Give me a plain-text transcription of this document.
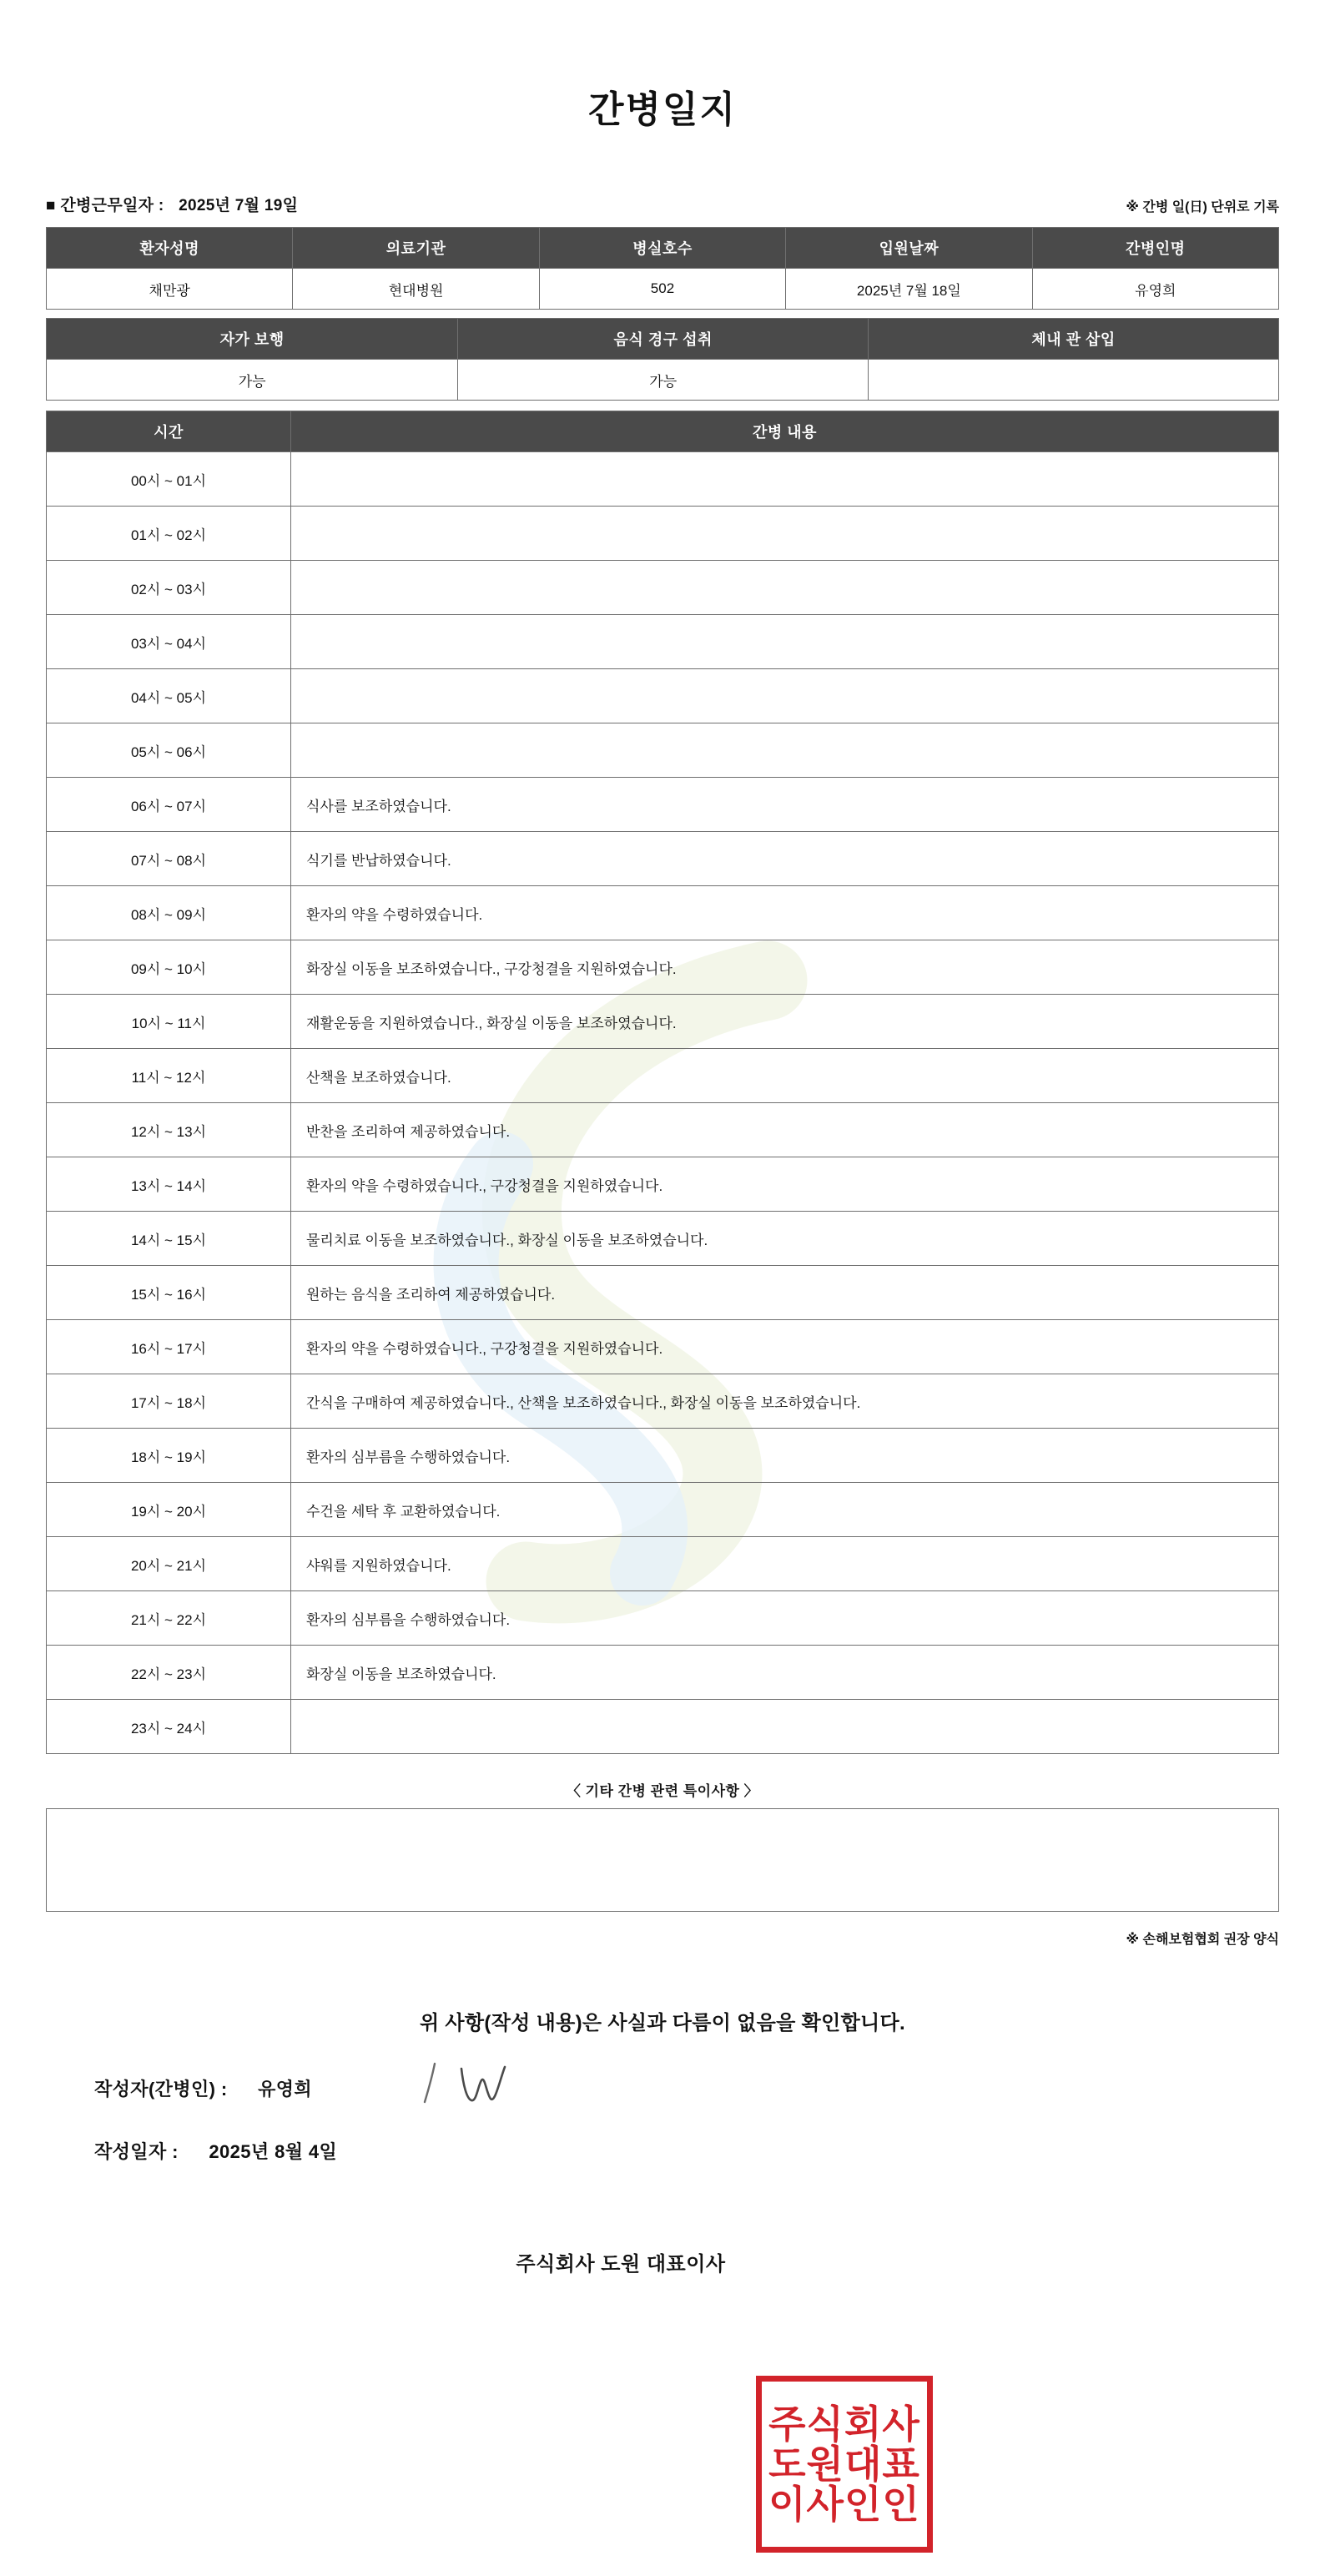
간병일지
■ 간병근무일자 : 2025년 7월 19일	※ 간병 일(日) 단위로 기록
환자성명	의료기관	병실호수	입원날짜	간병인명
채만광	현대병원	502	2025년 7월 18일	유영희
자가 보행	음식 경구 섭취	체내 관 삽입
가능	가능	
시간	간병 내용
00시 ~ 01시	
01시 ~ 02시	
02시 ~ 03시	
03시 ~ 04시	
04시 ~ 05시	
05시 ~ 06시	
06시 ~ 07시	식사를 보조하였습니다.
07시 ~ 08시	식기를 반납하였습니다.
08시 ~ 09시	환자의 약을 수령하였습니다.
09시 ~ 10시	화장실 이동을 보조하였습니다., 구강청결을 지원하였습니다.
10시 ~ 11시	재활운동을 지원하였습니다., 화장실 이동을 보조하였습니다.
11시 ~ 12시	산책을 보조하였습니다.
12시 ~ 13시	반찬을 조리하여 제공하였습니다.
13시 ~ 14시	환자의 약을 수령하였습니다., 구강청결을 지원하였습니다.
14시 ~ 15시	물리치료 이동을 보조하였습니다., 화장실 이동을 보조하였습니다.
15시 ~ 16시	원하는 음식을 조리하여 제공하였습니다.
16시 ~ 17시	환자의 약을 수령하였습니다., 구강청결을 지원하였습니다.
17시 ~ 18시	간식을 구매하여 제공하였습니다., 산책을 보조하였습니다., 화장실 이동을 보조하였습니다.
18시 ~ 19시	환자의 심부름을 수행하였습니다.
19시 ~ 20시	수건을 세탁 후 교환하였습니다.
20시 ~ 21시	샤워를 지원하였습니다.
21시 ~ 22시	환자의 심부름을 수행하였습니다.
22시 ~ 23시	화장실 이동을 보조하였습니다.
23시 ~ 24시	
〈 기타 간병 관련 특이사항 〉
※ 손해보험협회 권장 양식
위 사항(작성 내용)은 사실과 다름이 없음을 확인합니다.
작성자(간병인) : 유영희
작성일자 : 2025년 8월 4일
주식회사 도원 대표이사
주식회사
도원대표
이사인인
